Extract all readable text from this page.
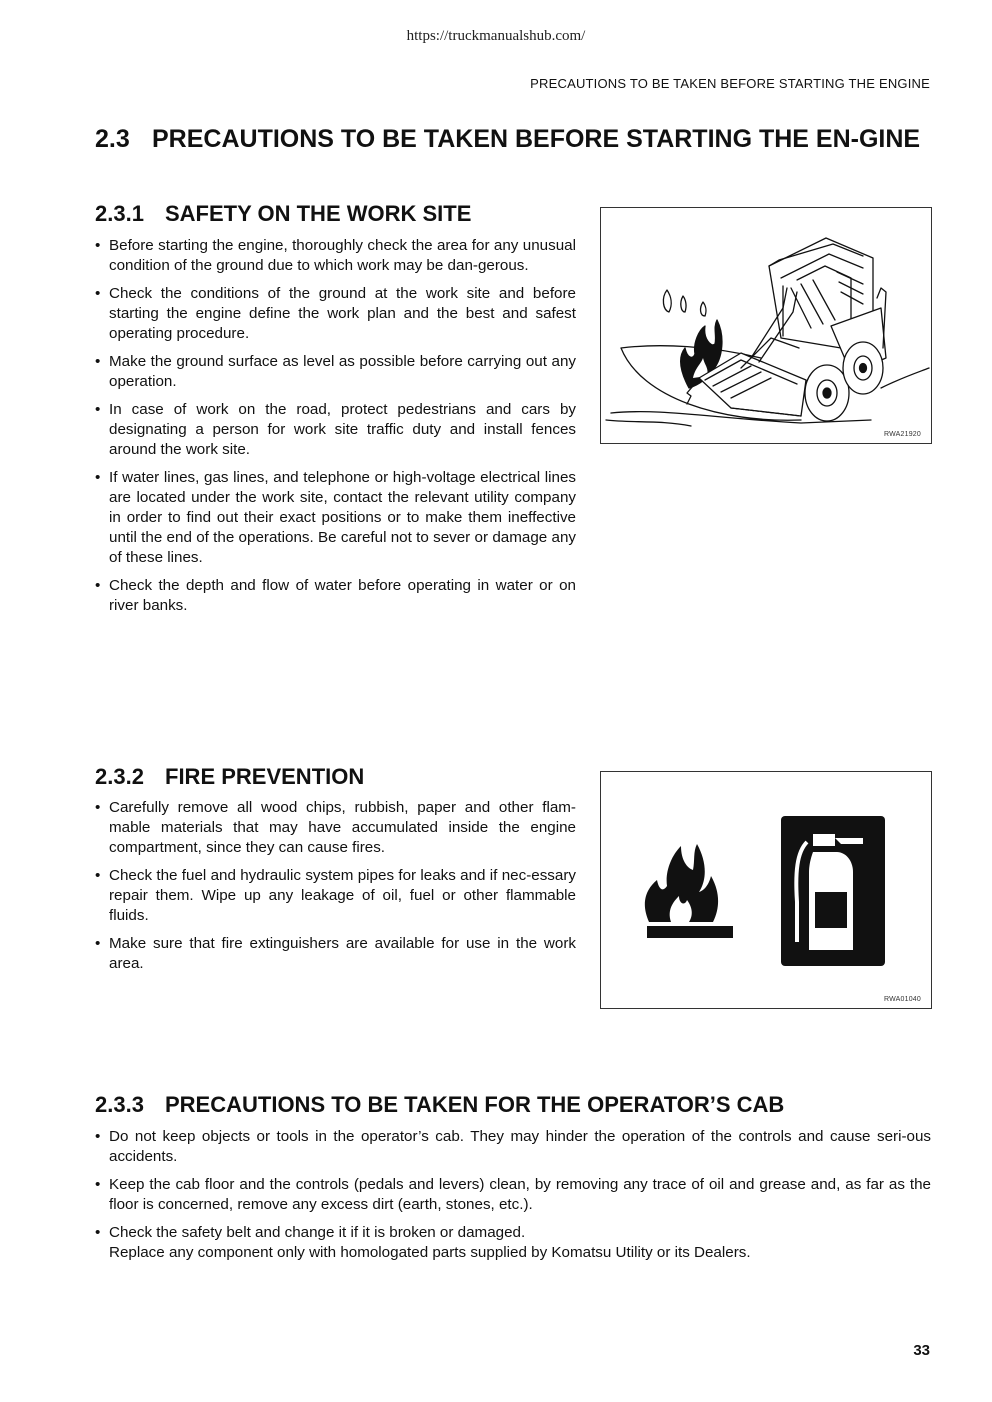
https://truckmanualshub.com/
PRECAUTIONS TO BE TAKEN BEFORE STARTING THE ENGINE
2.3 PRECAUTIONS TO BE TAKEN BEFORE STARTING THE EN-GINE
2.3.1 SAFETY ON THE WORK SITE
• Before starting the engine, thoroughly check the area for any unusual condition of the ground due to which work may be dan-gerous.
• Check the conditions of the ground at the work site and before starting the engine define the work plan and the best and safest operating procedure.
• Make the ground surface as level as possible before carrying out any operation.
• In case of work on the road, protect pedestrians and cars by designating a person for work site traffic duty and install fences around the work site.
• If water lines, gas lines, and telephone or high-voltage electrical lines are located under the work site, contact the relevant utility company in order to find out their exact positions or to make them ineffective until the end of the operations. Be careful not to sever or damage any of these lines.
• Check the depth and flow of water before operating in water or on river banks.
RWA21920
2.3.2 FIRE PREVENTION
• Carefully remove all wood chips, rubbish, paper and other flam-mable materials that may have accumulated inside the engine compartment, since they can cause fires.
• Check the fuel and hydraulic system pipes for leaks and if nec-essary repair them. Wipe up any leakage of oil, fuel or other flammable fluids.
• Make sure that fire extinguishers are available for use in the work area.
RWA01040
2.3.3 PRECAUTIONS TO BE TAKEN FOR THE OPERATOR’S CAB
• Do not keep objects or tools in the operator’s cab. They may hinder the operation of the controls and cause seri-ous accidents.
• Keep the cab floor and the controls (pedals and levers) clean, by removing any trace of oil and grease and, as far as the floor is concerned, remove any excess dirt (earth, stones, etc.).
• Check the safety belt and change it if it is broken or damaged.
Replace any component only with homologated parts supplied by Komatsu Utility or its Dealers.
33
